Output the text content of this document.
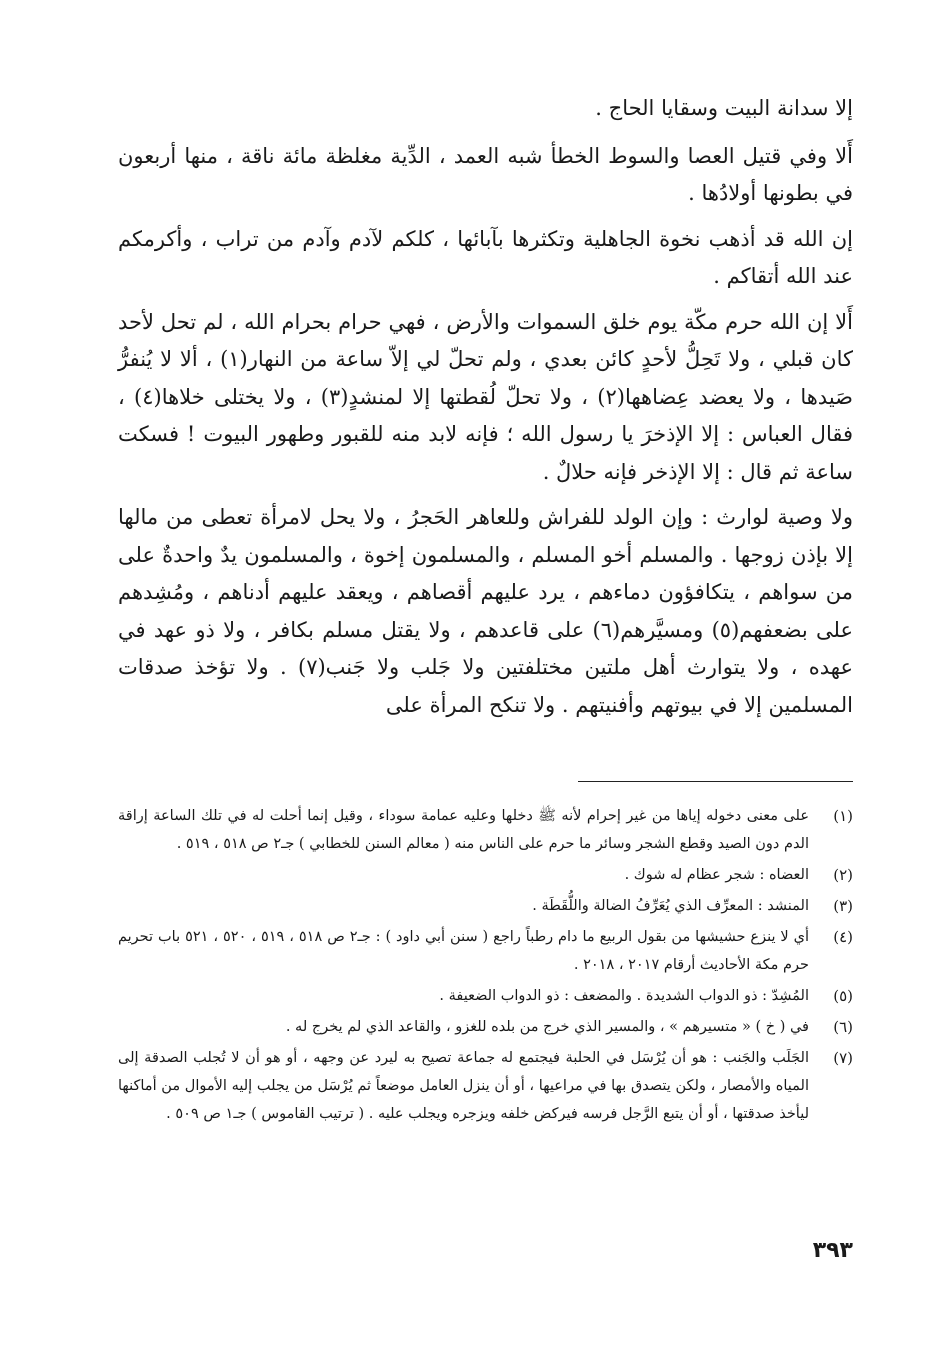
إلا سدانة البيت وسقايا الحاج .

أَلا وفي قتيل العصا والسوط الخطأ شبه العمد ، الدِّية مغلظة مائة ناقة ، منها أربعون في بطونها أولادُها .

إن الله قد أذهب نخوة الجاهلية وتكثرها بآبائها ، كلكم لآدم وآدم من تراب ، وأكرمكم عند الله أتقاكم .

أَلا إن الله حرم مكّة يوم خلق السموات والأرض ، فهي حرام بحرام الله ، لم تحل لأحد كان قبلي ، ولا تَحِلُّ لأحدٍ كائن بعدي ، ولم تحلّ لي إلاّ ساعة من النهار(١) ، ألا لا يُنفرُّ صَيدها ، ولا يعضد عِضاهها(٢) ، ولا تحلّ لُقطتها إلا لمنشدٍ(٣) ، ولا يختلى خلاها(٤) ، فقال العباس : إلا الإذخرَ يا رسول الله ؛ فإنه لابد منه للقبور وطهور البيوت ! فسكت ساعة ثم قال : إلا الإذخر فإنه حلالٌ .

ولا وصية لوارث : وإن الولد للفراش وللعاهر الحَجرُ ، ولا يحل لامرأة تعطى من مالها إلا بإذن زوجها . والمسلم أخو المسلم ، والمسلمون إخوة ، والمسلمون يدٌ واحدةٌ على من سواهم ، يتكافؤون دماءهم ، يرد عليهم أقصاهم ، ويعقد عليهم أدناهم ، ومُشِدهم على بضعفهم(٥) ومسيَّرهم(٦) على قاعدهم ، ولا يقتل مسلم بكافر ، ولا ذو عهد في عهده ، ولا يتوارث أهل ملتين مختلفتين ولا جَلب ولا جَنب(٧) . ولا تؤخذ صدقات المسلمين إلا في بيوتهم وأفنيتهم . ولا تنكح المرأة على

(١)
على معنى دخوله إياها من غير إحرام لأنه ﷺ دخلها وعليه عمامة سوداء ، وقيل إنما أحلت له في تلك الساعة إراقة الدم دون الصيد وقطع الشجر وسائر ما حرم على الناس منه ( معالم السنن للخطابي ) جـ٢ ص ٥١٨ ، ٥١٩ .
(٢)
العضاه : شجر عظام له شوك .
(٣)
المنشد : المعرِّف الذي يُعَرِّفُ الضالة واللُّقَطَة .
(٤)
أي لا ينزع حشيشها من بقول الربيع ما دام رطباً راجع ( سنن أبي داود ) : جـ٢ ص ٥١٨ ، ٥١٩ ، ٥٢٠ ، ٥٢١ باب تحريم حرم مكة الأحاديث أرقام ٢٠١٧ ، ٢٠١٨ .
(٥)
المُشِدّ : ذو الدواب الشديدة . والمضعف : ذو الدواب الضعيفة .
(٦)
في ( خ ) « متسيرهم » ، والمسير الذي خرج من بلده للغزو ، والقاعد الذي لم يخرج له .
(٧)
الجَلَب والجَنب : هو أن يُرْسَل في الحلبة فيجتمع له جماعة تصيح به ليرد عن وجهه ، أو هو أن لا تُجلب الصدقة إلى المياه والأمصار ، ولكن يتصدق بها في مراعيها ، أو أن ينزل العامل موضعاً ثم يُرْسَل من يجلب إليه الأموال من أماكنها ليأخذ صدقتها ، أو أن يتبع الرَّجل فرسه فيركض خلفه ويزجره ويجلب عليه . ( ترتيب القاموس ) جـ١ ص ٥٠٩ .
٣٩٣
